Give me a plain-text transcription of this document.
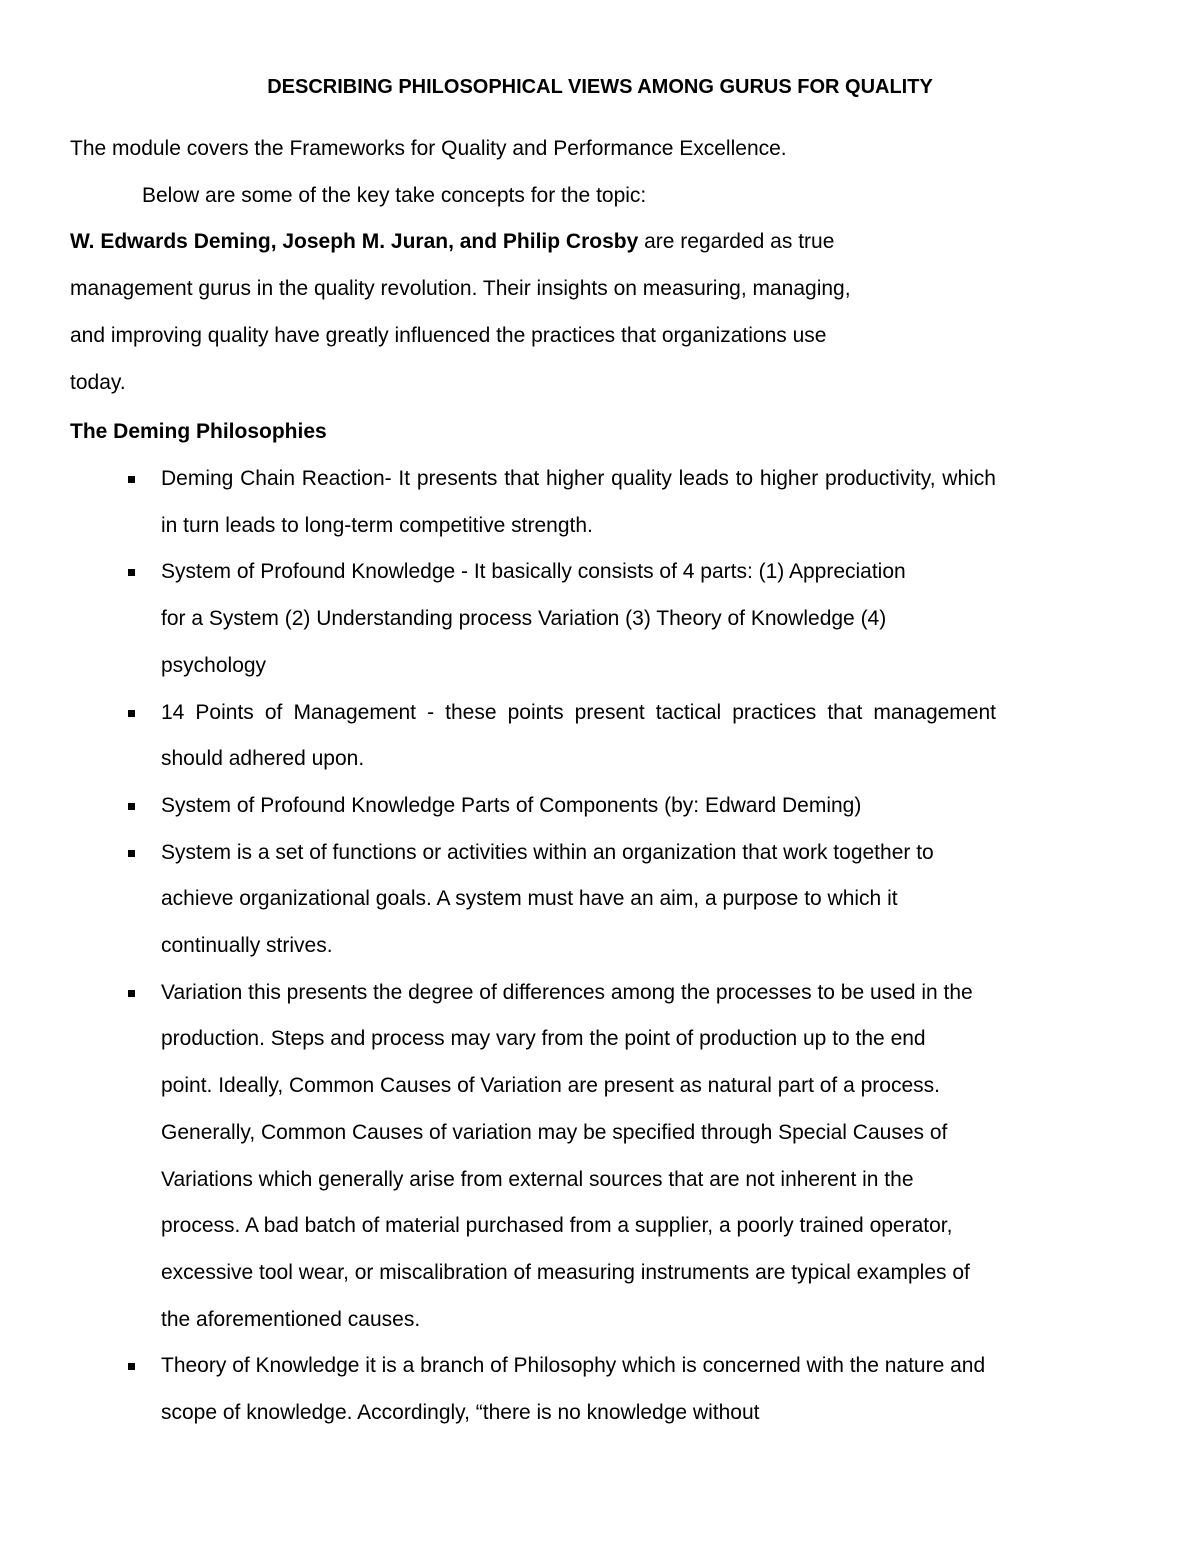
DESCRIBING PHILOSOPHICAL VIEWS AMONG GURUS FOR QUALITY

The module covers the Frameworks for Quality and Performance Excellence.

Below are some of the key take concepts for the topic:

W. Edwards Deming, Joseph M. Juran, and Philip Crosby are regarded as true management gurus in the quality revolution. Their insights on measuring, managing, and improving quality have greatly influenced the practices that organizations use today.

The Deming Philosophies

Deming Chain Reaction- It presents that higher quality leads to higher productivity, which in turn leads to long-term competitive strength.
System of Profound Knowledge - It basically consists of 4 parts: (1) Appreciation for a System (2) Understanding process Variation (3) Theory of Knowledge (4) psychology
14 Points of Management - these points present tactical practices that management should adhered upon.
System of Profound Knowledge Parts of Components (by: Edward Deming)
System is a set of functions or activities within an organization that work together to achieve organizational goals. A system must have an aim, a purpose to which it continually strives.
Variation this presents the degree of differences among the processes to be used in the production. Steps and process may vary from the point of production up to the end point. Ideally, Common Causes of Variation are present as natural part of a process. Generally, Common Causes of variation may be specified through Special Causes of Variations which generally arise from external sources that are not inherent in the process. A bad batch of material purchased from a supplier, a poorly trained operator, excessive tool wear, or miscalibration of measuring instruments are typical examples of the aforementioned causes.
Theory of Knowledge it is a branch of Philosophy which is concerned with the nature and scope of knowledge. Accordingly, “there is no knowledge without
